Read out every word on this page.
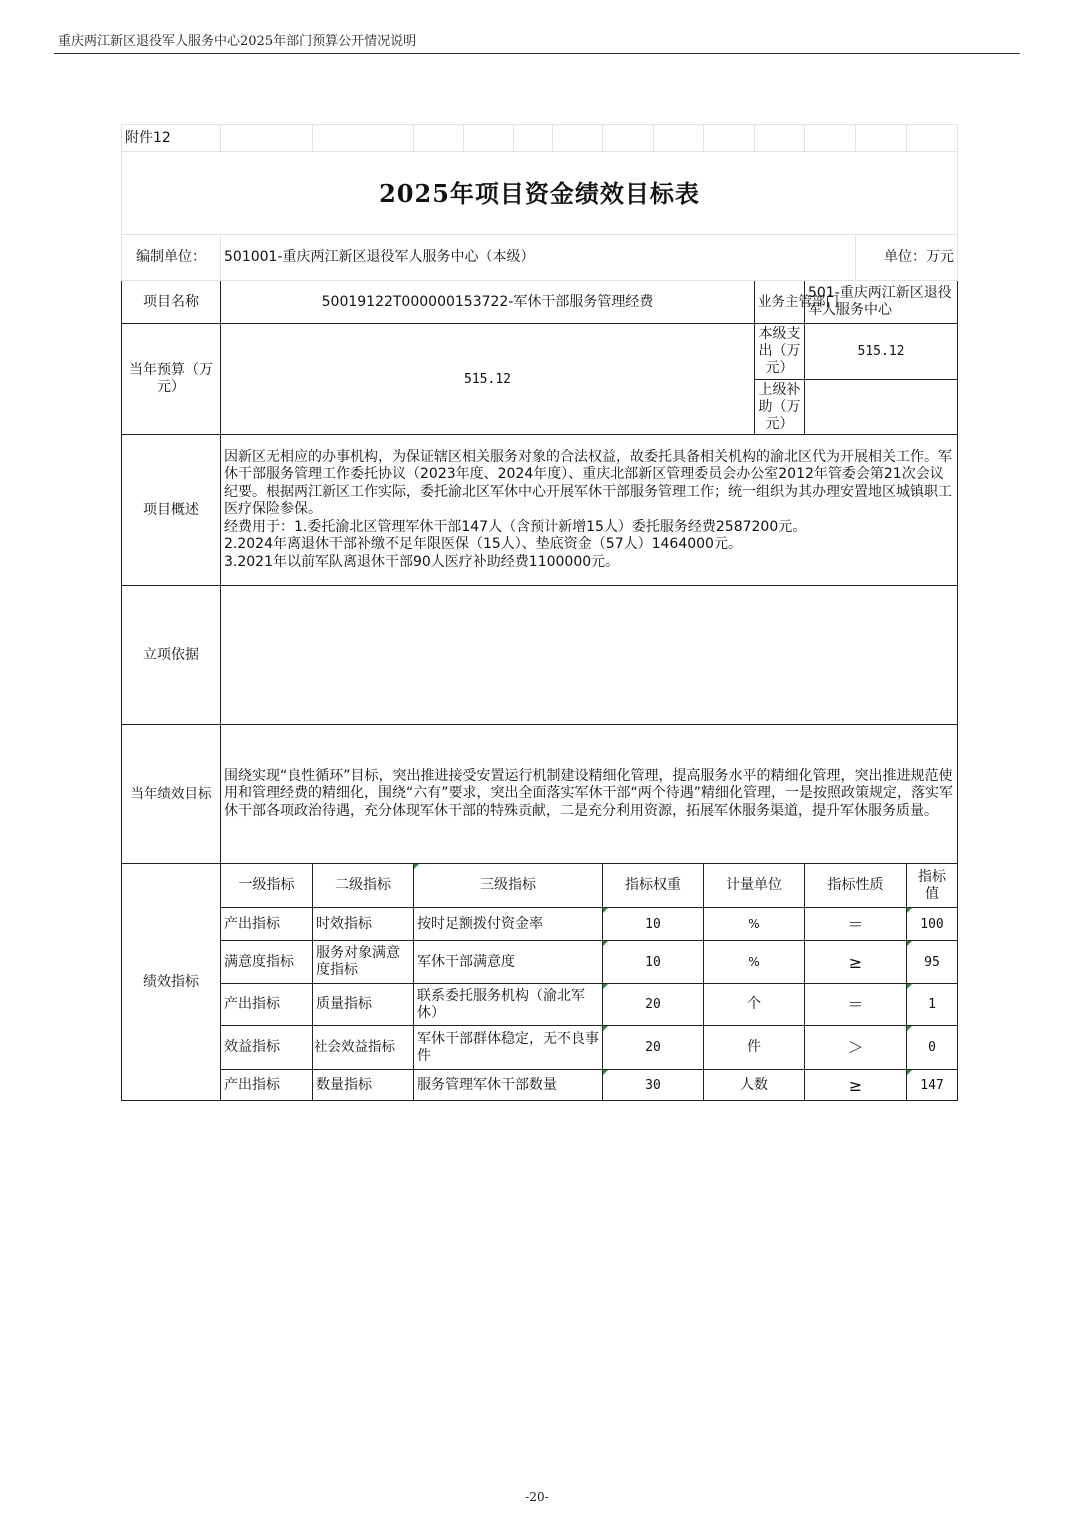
重庆两江新区退役军人服务中心2025年部门预算公开情况说明
附件12													
2025年项目资金绩效目标表													
编制单位：	501001-重庆两江新区退役军人服务中心（本级）											单位：万元	
项目名称	50019122T000000153722-军休干部服务管理经费									业务主管部门	501-重庆两江新区退役军人服务中心		
当年预算（万元）	515.12									本级支出（万元）	515.12		
										上级补助（万元）			
项目概述	因新区无相应的办事机构，为保证辖区相关服务对象的合法权益，故委托具备相关机构的渝北区代为开展相关工作。军休干部服务管理工作委托协议（2023年度、2024年度）、重庆北部新区管理委员会办公室2012年管委会第21次会议纪要。根据两江新区工作实际，委托渝北区军休中心开展军休干部服务管理工作；统一组织为其办理安置地区城镇职工医疗保险参保。
经费用于：1.委托渝北区管理军休干部147人（含预计新增15人）委托服务经费2587200元。
2.2024年离退休干部补缴不足年限医保（15人）、垫底资金（57人）1464000元。
3.2021年以前军队离退休干部90人医疗补助经费1100000元。												

立项依据													
当年绩效目标	围绕实现“良性循环”目标，突出推进接受安置运行机制建设精细化管理，提高服务水平的精细化管理，突出推进规范使用和管理经费的精细化，围绕“六有”要求，突出全面落实军休干部“两个待遇”精细化管理，一是按照政策规定，落实军休干部各项政治待遇，充分体现军休干部的特殊贡献，二是充分利用资源，拓展军休服务渠道，提升军休服务质量。												
绩效指标	一级指标	二级指标	三级指标				指标权重		计量单位		指标性质		指标值
	产出指标	时效指标	按时足额拨付资金率				10		%		＝		100
	满意度指标	服务对象满意度指标	军休干部满意度				10		%		≥		95
	产出指标	质量指标	联系委托服务机构（渝北军休）				20		个		＝		1
	效益指标	社会效益指标	军休干部群体稳定，无不良事件				20		件		＞		0
	产出指标	数量指标	服务管理军休干部数量				30		人数		≥		147
-20-
